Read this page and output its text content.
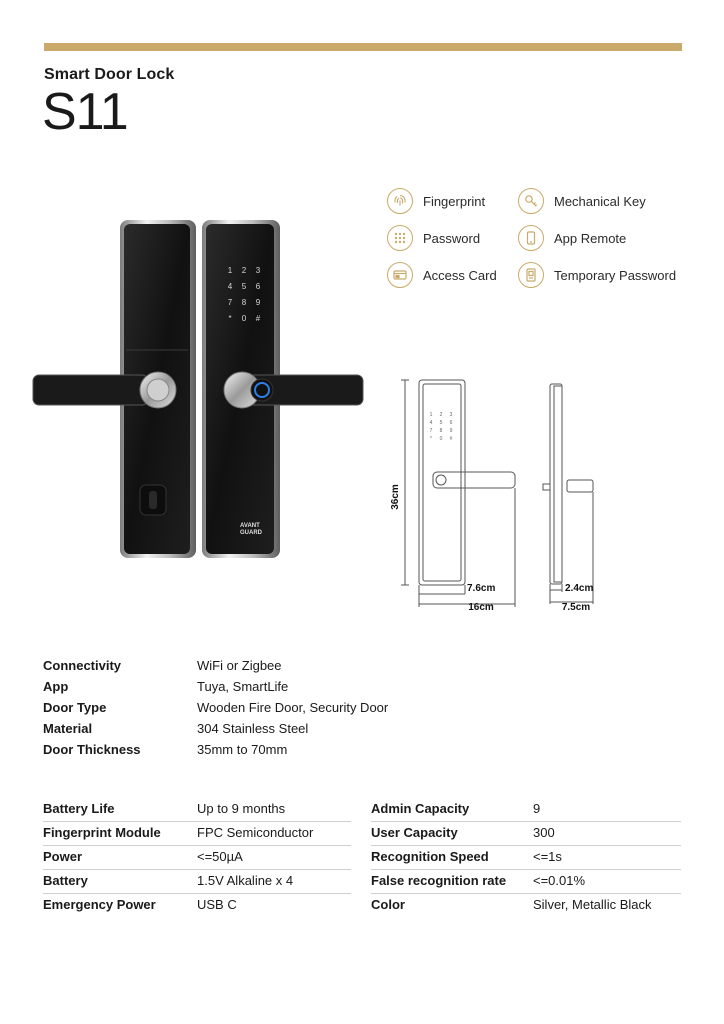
Smart Door Lock
S11
1 2 3
4 5 6
7 8 9
* 0 #
AVANT
GUARD
Fingerprint	Mechanical Key
Password	App Remote
Access Card	Temporary Password
1 2 3
4 5 6
7 8 9
* 0 #
36cm
7.6cm
16cm
2.4cm
7.5cm
Connectivity	WiFi or Zigbee
App	Tuya, SmartLife
Door Type	Wooden Fire Door, Security Door
Material	304 Stainless Steel
Door Thickness	35mm to 70mm
Battery Life	Up to 9 months
Fingerprint Module	FPC Semiconductor
Power	<=50µA
Battery	1.5V Alkaline x 4
Emergency Power	USB C
Admin Capacity	9
User Capacity	300
Recognition Speed	<=1s
False recognition rate <=0.01%
Color	Silver, Metallic Black
